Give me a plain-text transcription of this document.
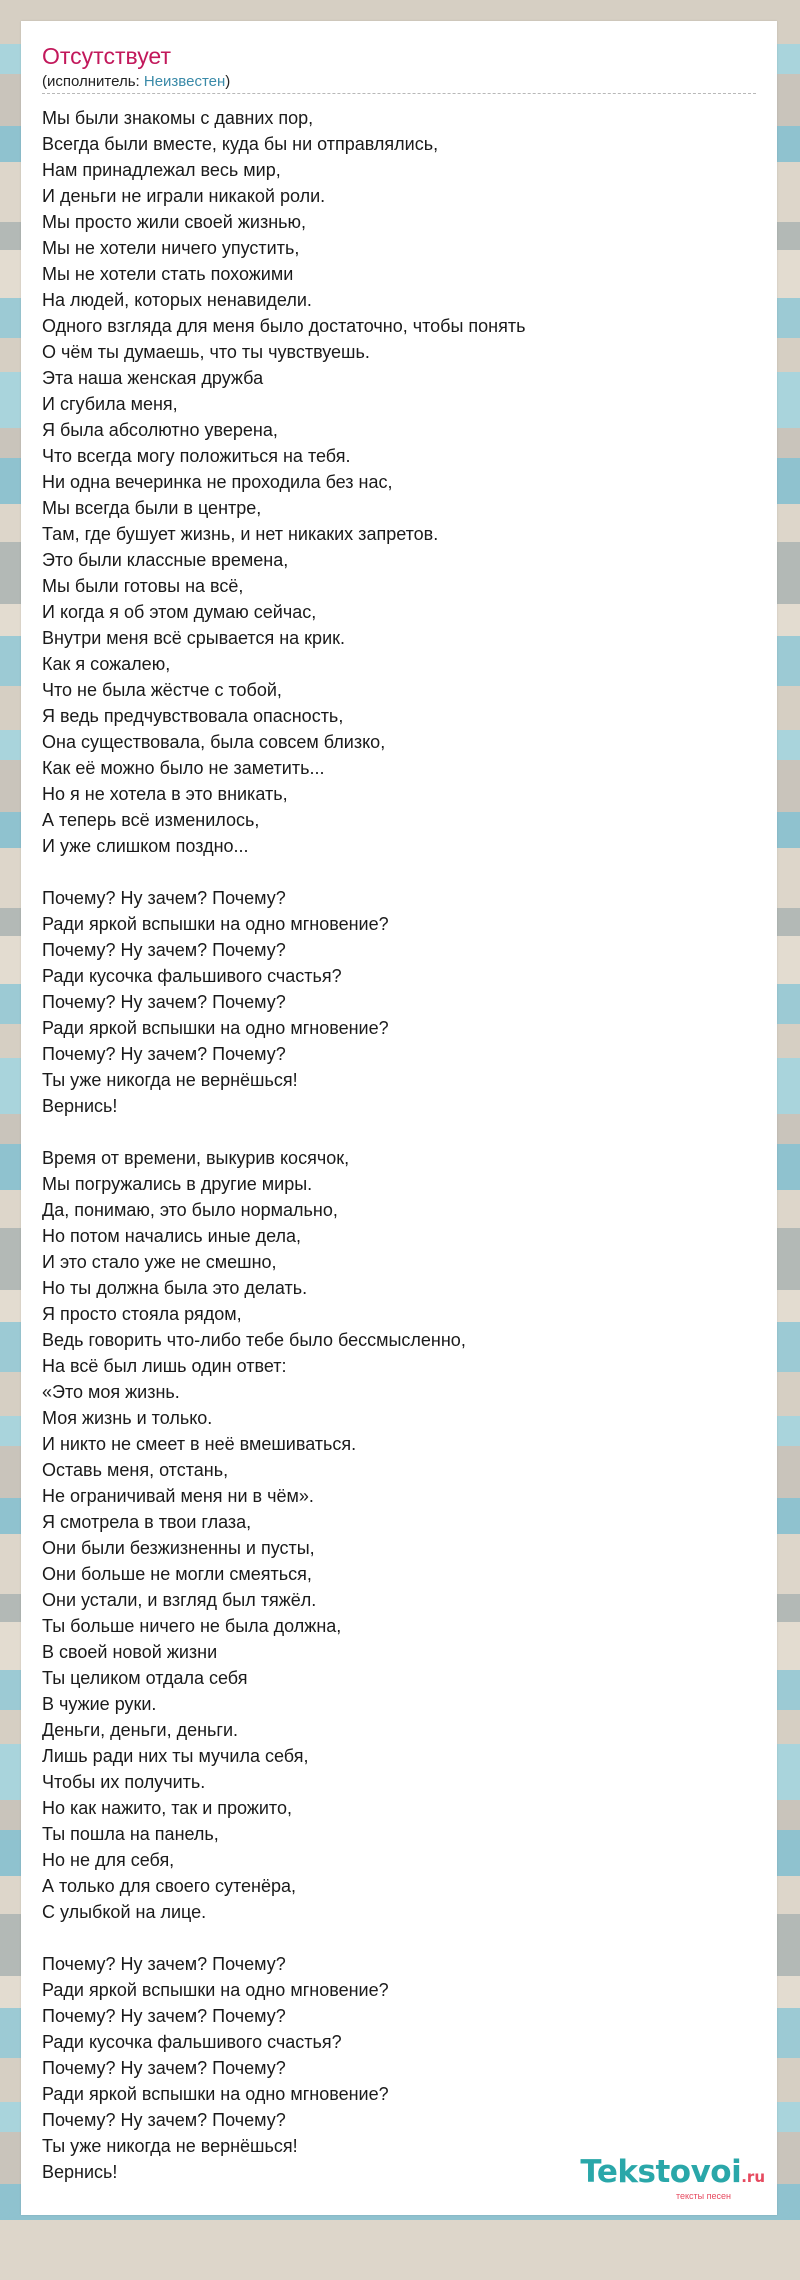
Отсутствует
(исполнитель: Неизвестен)
Мы были знакомы с давних пор,
Всегда были вместе, куда бы ни отправлялись,
Нам принадлежал весь мир,
И деньги не играли никакой роли.
Мы просто жили своей жизнью,
Мы не хотели ничего упустить,
Мы не хотели стать похожими
На людей, которых ненавидели.
Одного взгляда для меня было достаточно, чтобы понять
О чём ты думаешь, что ты чувствуешь.
Эта наша женская дружба
И сгубила меня,
Я была абсолютно уверена,
Что всегда могу положиться на тебя.
Ни одна вечеринка не проходила без нас,
Мы всегда были в центре,
Там, где бушует жизнь, и нет никаких запретов.
Это были классные времена,
Мы были готовы на всё,
И когда я об этом думаю сейчас,
Внутри меня всё срывается на крик.
Как я сожалею,
Что не была жёстче с тобой,
Я ведь предчувствовала опасность,
Она существовала, была совсем близко,
Как её можно было не заметить...
Но я не хотела в это вникать,
А теперь всё изменилось,
И уже слишком поздно...
Почему? Ну зачем? Почему?
Ради яркой вспышки на одно мгновение?
Почему? Ну зачем? Почему?
Ради кусочка фальшивого счастья?
Почему? Ну зачем? Почему?
Ради яркой вспышки на одно мгновение?
Почему? Ну зачем? Почему?
Ты уже никогда не вернёшься!
Вернись!
Время от времени, выкурив косячок,
Мы погружались в другие миры.
Да, понимаю, это было нормально,
Но потом начались иные дела,
И это стало уже не смешно,
Но ты должна была это делать.
Я просто стояла рядом,
Ведь говорить что-либо тебе было бессмысленно,
На всё был лишь один ответ:
«Это моя жизнь.
Моя жизнь и только.
И никто не смеет в неё вмешиваться.
Оставь меня, отстань,
Не ограничивай меня ни в чём».
Я смотрела в твои глаза,
Они были безжизненны и пусты,
Они больше не могли смеяться,
Они устали, и взгляд был тяжёл.
Ты больше ничего не была должна,
В своей новой жизни
Ты целиком отдала себя
В чужие руки.
Деньги, деньги, деньги.
Лишь ради них ты мучила себя,
Чтобы их получить.
Но как нажито, так и прожито,
Ты пошла на панель,
Но не для себя,
А только для своего сутенёра,
С улыбкой на лице.
Почему? Ну зачем? Почему?
Ради яркой вспышки на одно мгновение?
Почему? Ну зачем? Почему?
Ради кусочка фальшивого счастья?
Почему? Ну зачем? Почему?
Ради яркой вспышки на одно мгновение?
Почему? Ну зачем? Почему?
Ты уже никогда не вернёшься!
Вернись!	Tekstovoi.ru
тексты песен
